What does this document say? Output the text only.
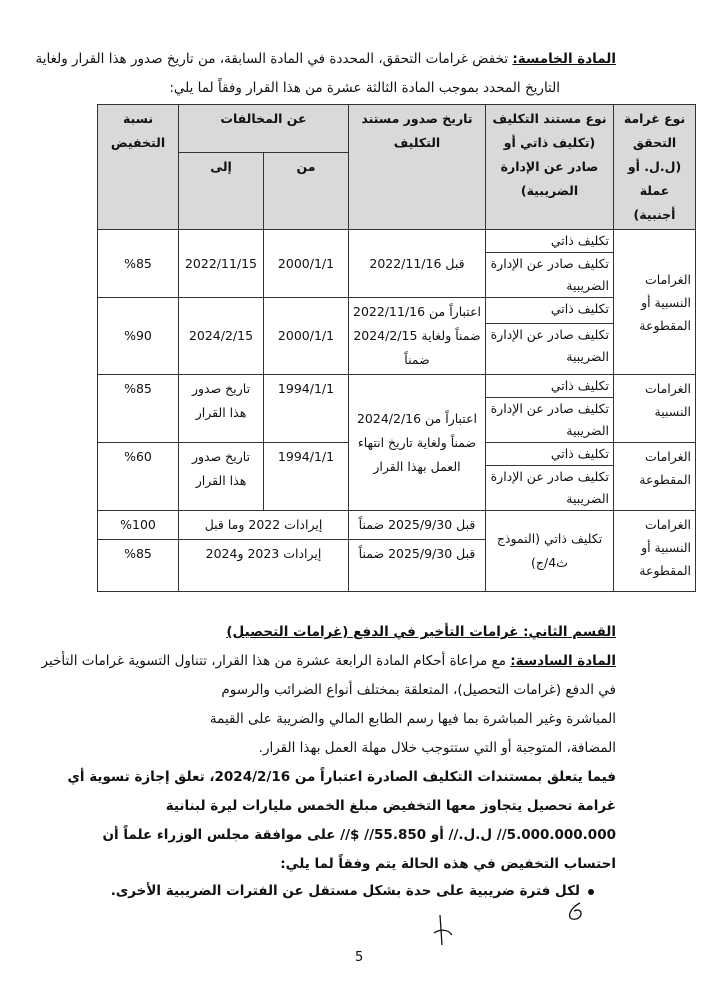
المادة الخامسة: تخفض غرامات التحقق، المحددة في المادة السابقة، من تاريخ صدور هذا القرار ولغاية
التاريخ المحدد بموجب المادة الثالثة عشرة من هذا القرار وفقاً لما يلي:
نوع غرامة التحقق (ل.ل. أو عملة أجنبية)	نوع مستند التكليف (تكليف ذاتي أو صادر عن الإدارة الضريبية)	تاريخ صدور مستند التكليف	عن المخالفات		نسبة التخفيض
			من	إلى	
الغرامات النسبية أو المقطوعة	تكليف ذاتي	قبل 2022/11/16	2000/1/1	2022/11/15	%85
	تكليف صادر عن الإدارة الضريبية				
	تكليف ذاتي	اعتباراً من 2022/11/16 ضمناً ولغاية 2024/2/15 ضمناً	2000/1/1	2024/2/15	%90
	تكليف صادر عن الإدارة الضريبية				
الغرامات النسبية	تكليف ذاتي	اعتباراً من 2024/2/16 ضمناً ولغاية تاريخ انتهاء العمل بهذا القرار	1994/1/1	تاريخ صدور هذا القرار	%85
	تكليف صادر عن الإدارة الضريبية				
الغرامات المقطوعة	تكليف ذاتي		1994/1/1	تاريخ صدور هذا القرار	%60
	تكليف صادر عن الإدارة الضريبية				
الغرامات النسبية أو المقطوعة	تكليف ذاتي (النموذج ث4/ج)	قبل 2025/9/30 ضمناً	إيرادات 2022 وما قبل		%100
		قبل 2025/9/30 ضمناً	إيرادات 2023 و2024		%85
القسم الثاني: غرامات التأخير في الدفع (غرامات التحصيل)
المادة السادسة: مع مراعاة أحكام المادة الرابعة عشرة من هذا القرار، تتناول التسوية غرامات التأخير
في الدفع (غرامات التحصيل)، المتعلقة بمختلف أنواع الضرائب والرسوم
المباشرة وغير المباشرة بما فيها رسم الطابع المالي والضريبة على القيمة
المضافة، المتوجبة أو التي ستتوجب خلال مهلة العمل بهذا القرار.
فيما يتعلق بمستندات التكليف الصادرة اعتباراً من 2024/2/16، تعلق إجازة تسوية أي
غرامة تحصيل يتجاوز معها التخفيض مبلغ الخمس مليارات ليرة لبنانية
5.000.000.000// ل.ل.// أو 55.850// $// على موافقة مجلس الوزراء علماً أن
احتساب التخفيض في هذه الحالة يتم وفقاً لما يلي:
لكل فترة ضريبية على حدة بشكل مستقل عن الفترات الضريبية الأخرى.
5
